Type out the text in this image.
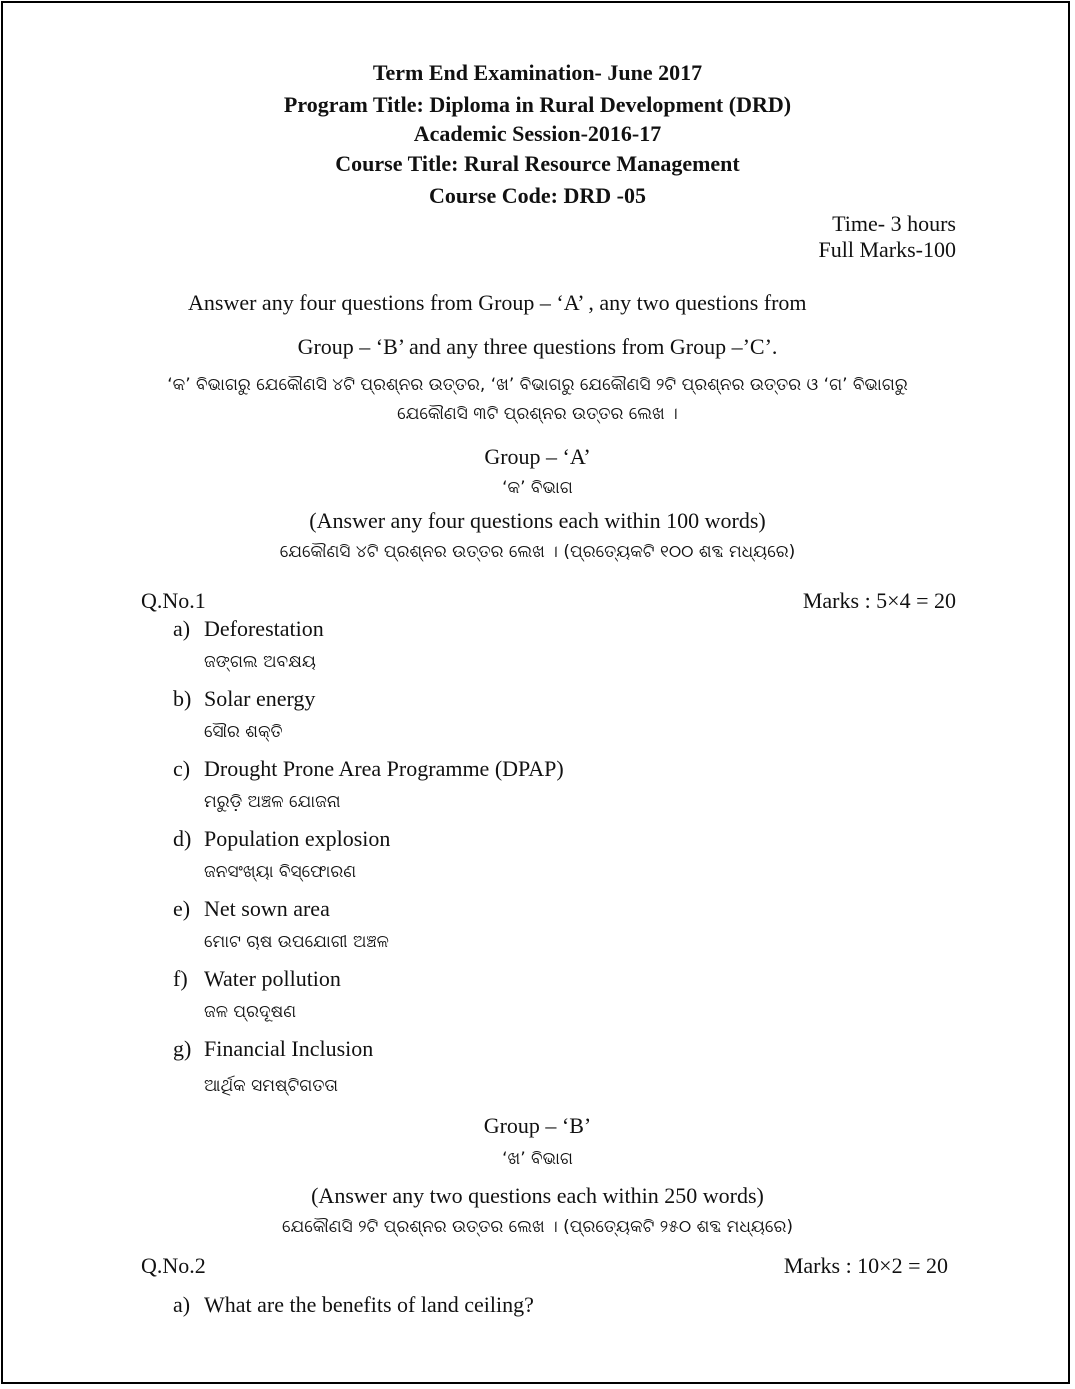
Term End Examination- June 2017
Program Title: Diploma in Rural Development (DRD)
Academic Session-2016-17
Course Title: Rural Resource Management
Course Code: DRD -05
Time- 3 hours
Full Marks-100
Answer any four questions from Group – ‘A’ , any two questions from
Group – ‘B’ and any three questions from Group –’C’.
‘କ’ ବିଭାଗରୁ ଯେକୌଣସି ୪ଟି ପ୍ରଶ୍ନର ଉତ୍ତର, ‘ଖ’ ବିଭାଗରୁ ଯେକୌଣସି ୨ଟି ପ୍ରଶ୍ନର ଉତ୍ତର ଓ ‘ଗ’ ବିଭାଗରୁ
ଯେକୌଣସି ୩ଟି ପ୍ରଶ୍ନର ଉତ୍ତର ଲେଖ ।
Group – ‘A’
‘କ’ ବିଭାଗ
(Answer any four questions each within 100 words)
ଯେକୌଣସି ୪ଟି ପ୍ରଶ୍ନର ଉତ୍ତର ଲେଖ । (ପ୍ରତ୍ୟେକଟି ୧୦୦ ଶବ୍ଦ ମଧ୍ୟରେ)
Q.No.1	Marks : 5×4 = 20
a) Deforestation
ଜଙ୍ଗଲ ଅବକ୍ଷୟ
b) Solar energy
ସୌର ଶକ୍ତି
c) Drought Prone Area Programme (DPAP)
ମରୁଡ଼ି ଅଞ୍ଚଳ ଯୋଜନା
d) Population explosion
ଜନସଂଖ୍ୟା ବିସ୍ଫୋରଣ
e) Net sown area
ମୋଟ ଚାଷ ଉପଯୋଗୀ ଅଞ୍ଚଳ
f) Water pollution
ଜଳ ପ୍ରଦୂଷଣ
g) Financial Inclusion
ଆର୍ଥିକ ସମଷ୍ଟିଗତତା
Group – ‘B’
‘ଖ’ ବିଭାଗ
(Answer any two questions each within 250 words)
ଯେକୌଣସି ୨ଟି ପ୍ରଶ୍ନର ଉତ୍ତର ଲେଖ । (ପ୍ରତ୍ୟେକଟି ୨୫୦ ଶବ୍ଦ ମଧ୍ୟରେ)
Q.No.2	Marks : 10×2 = 20
a) What are the benefits of land ceiling?
